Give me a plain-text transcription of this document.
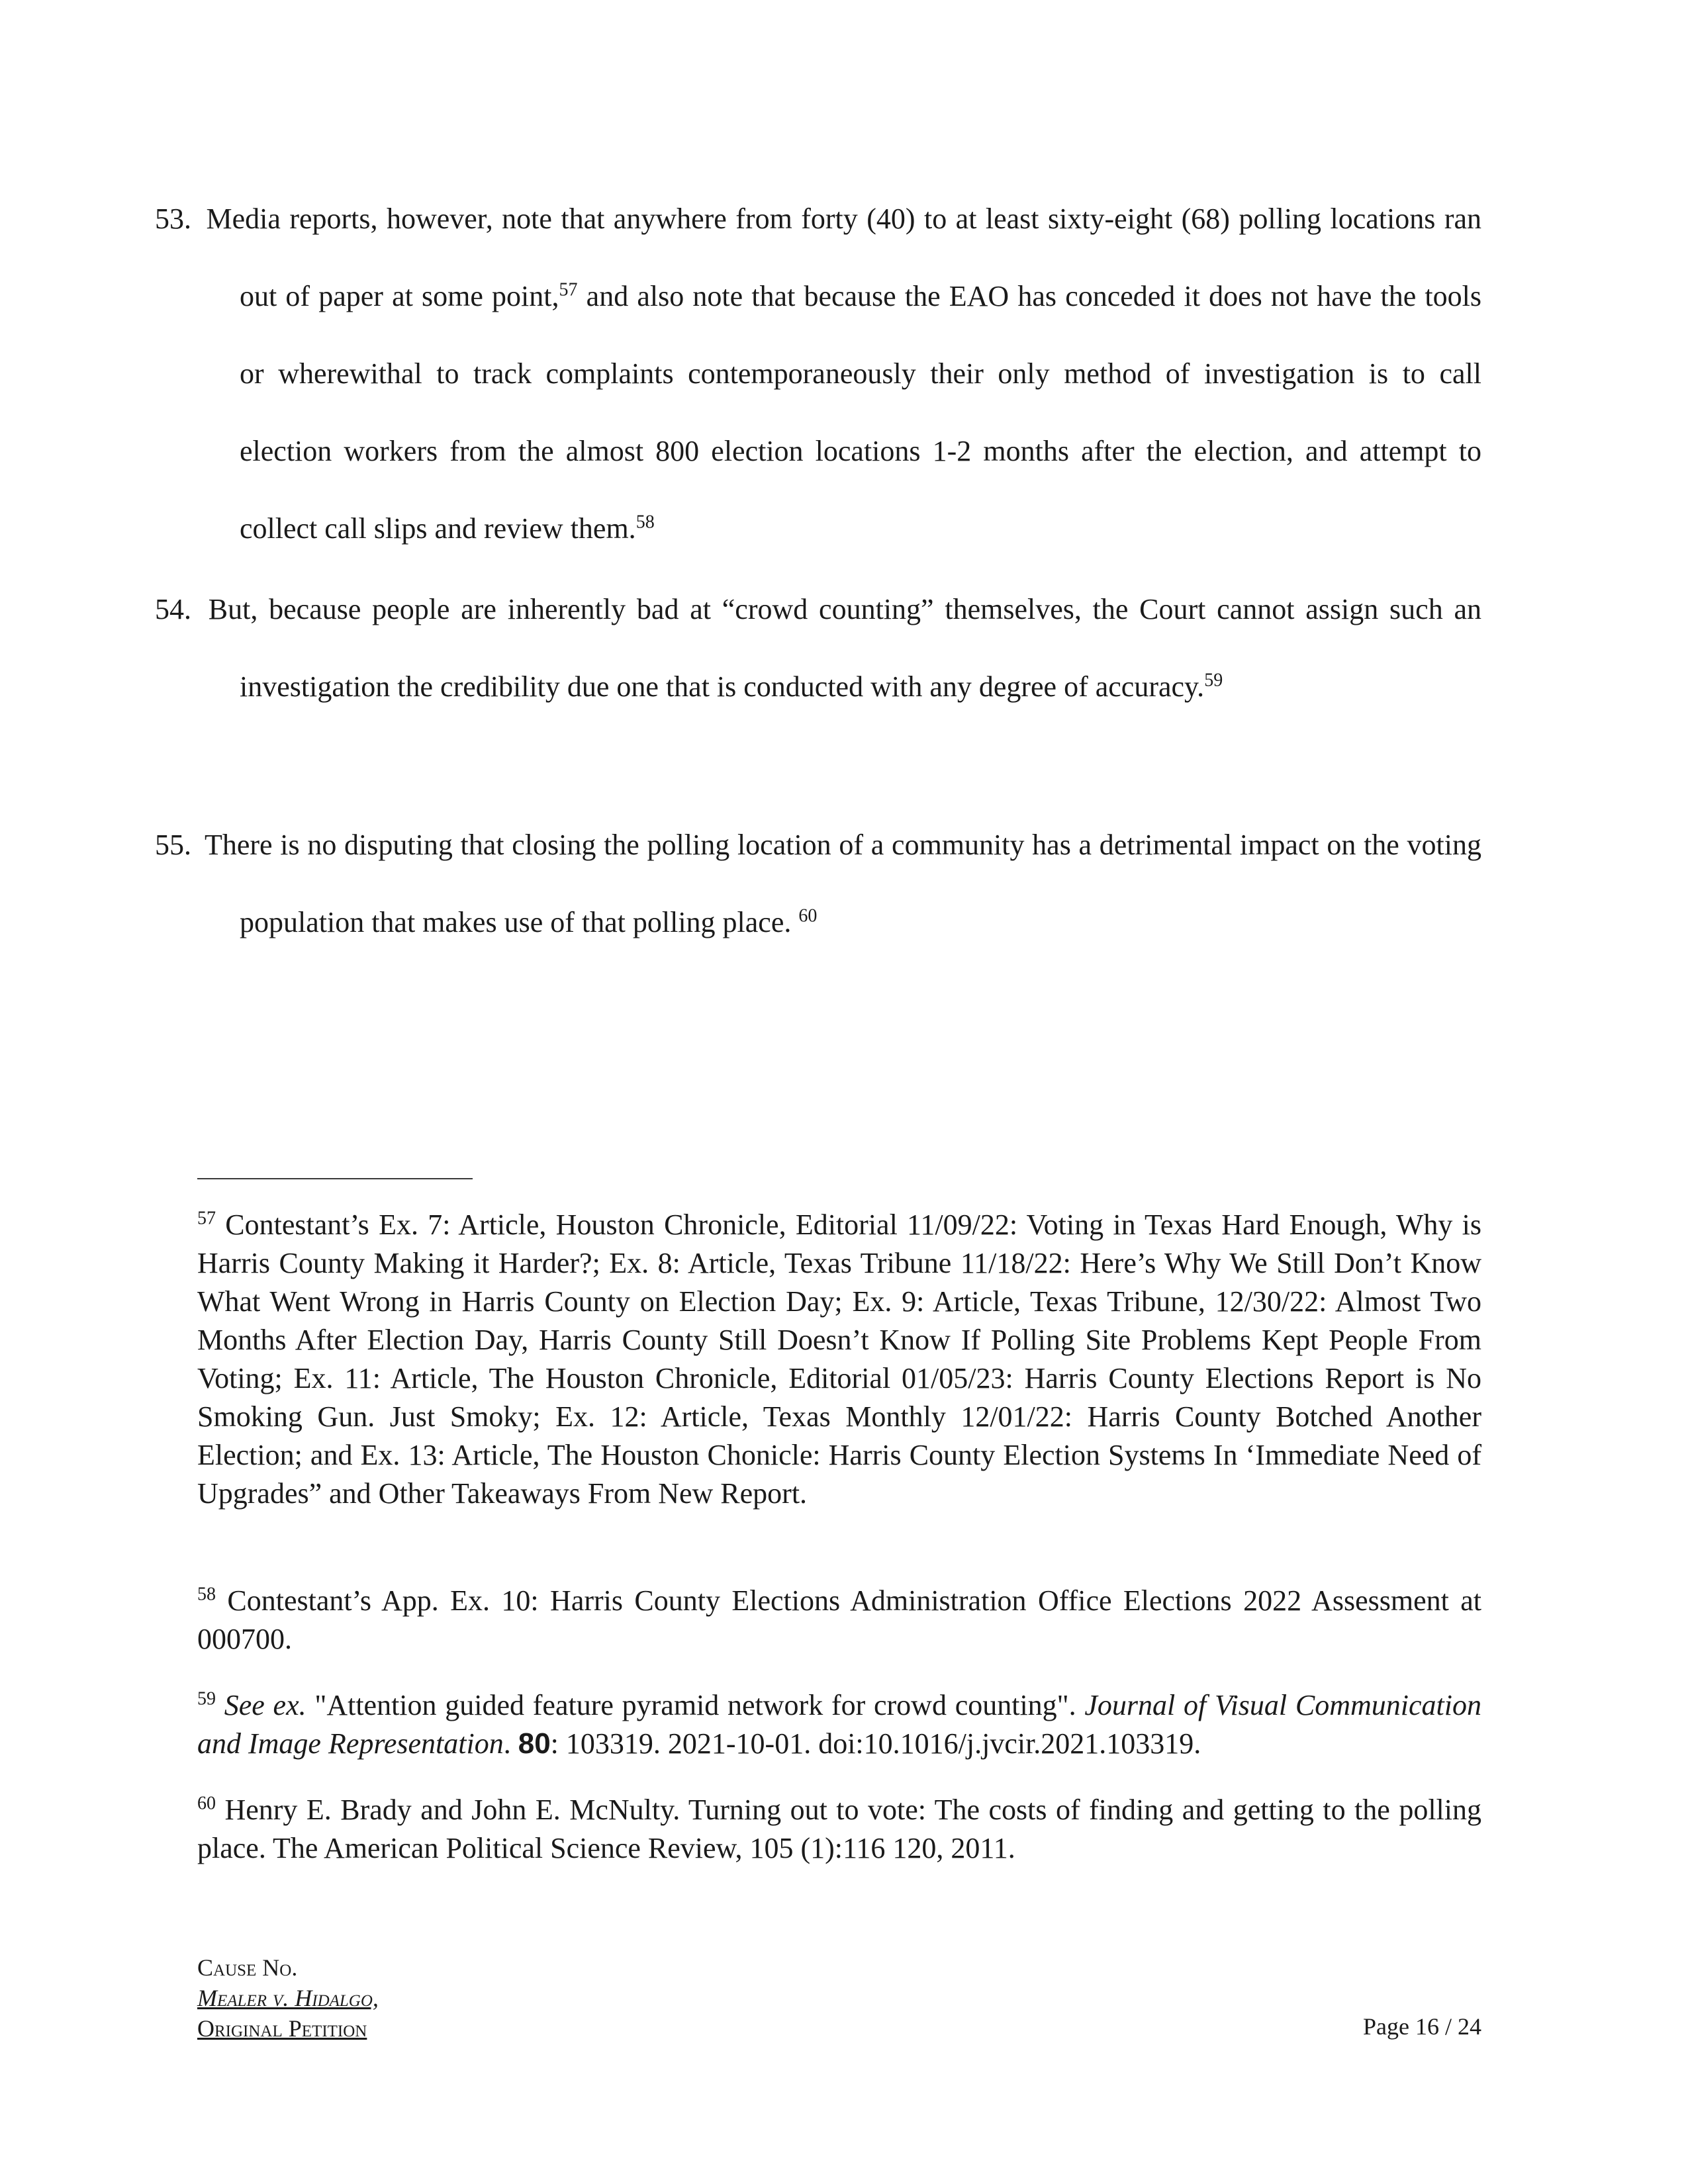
53. Media reports, however, note that anywhere from forty (40) to at least sixty-eight (68) polling locations ran out of paper at some point,$^{57}$ and also note that because the EAO has conceded it does not have the tools or wherewithal to track complaints contemporaneously their only method of investigation is to call election workers from the almost 800 election locations 1-2 months after the election, and attempt to collect call slips and review them.$^{58}$
54. But, because people are inherently bad at “crowd counting” themselves, the Court cannot assign such an investigation the credibility due one that is conducted with any degree of accuracy.$^{59}$
55. There is no disputing that closing the polling location of a community has a detrimental impact on the voting population that makes use of that polling place. $^{60}$
$^{57}$ Contestant’s Ex. 7: Article, Houston Chronicle, Editorial 11/09/22: Voting in Texas Hard Enough, Why is Harris County Making it Harder?; Ex. 8: Article, Texas Tribune 11/18/22: Here’s Why We Still Don’t Know What Went Wrong in Harris County on Election Day; Ex. 9: Article, Texas Tribune, 12/30/22: Almost Two Months After Election Day, Harris County Still Doesn’t Know If Polling Site Problems Kept People From Voting; Ex. 11: Article, The Houston Chronicle, Editorial 01/05/23: Harris County Elections Report is No Smoking Gun. Just Smoky; Ex. 12: Article, Texas Monthly 12/01/22: Harris County Botched Another Election; and Ex. 13: Article, The Houston Chonicle: Harris County Election Systems In ‘Immediate Need of Upgrades” and Other Takeaways From New Report.
$^{58}$ Contestant’s App. Ex. 10: Harris County Elections Administration Office Elections 2022 Assessment at 000700.
$^{59}$ See ex. "Attention guided feature pyramid network for crowd counting". Journal of Visual Communication and Image Representation. 80: 103319. 2021-10-01. doi:10.1016/j.jvcir.2021.103319.
$^{60}$ Henry E. Brady and John E. McNulty. Turning out to vote: The costs of finding and getting to the polling place. The American Political Science Review, 105 (1):116 120, 2011.
Cause No.
Mealer v. Hidalgo,
Original Petition	Page 16 / 24
